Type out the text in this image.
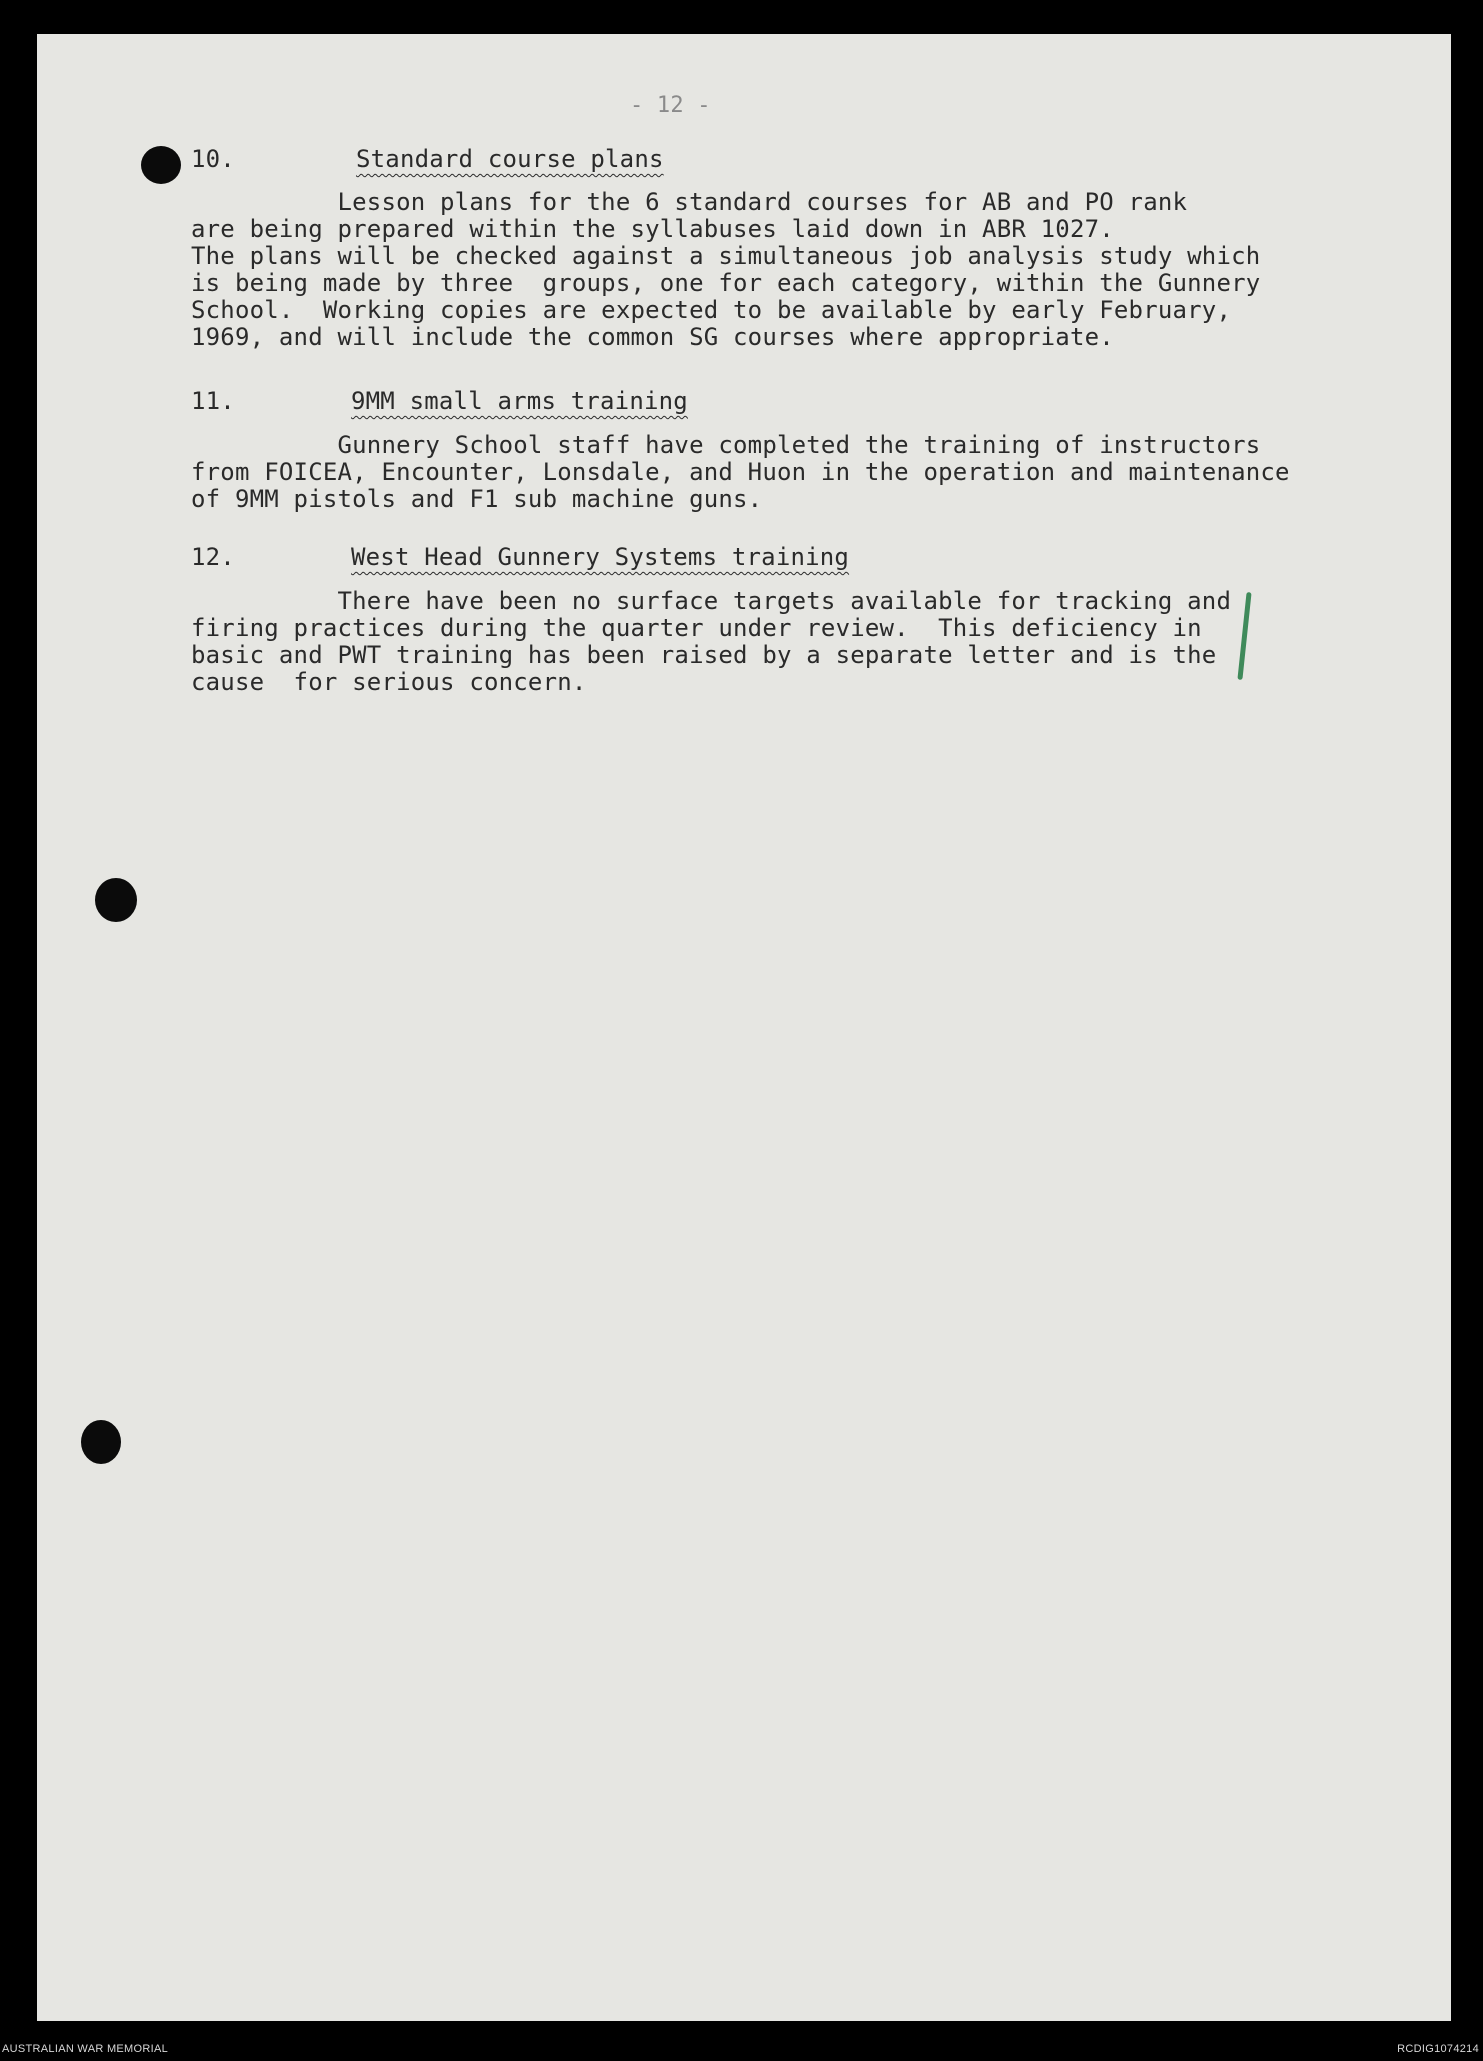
- 12 -
10.	Standard course plans
Lesson plans for the 6 standard courses for AB and PO rank
are being prepared within the syllabuses laid down in ABR 1027.
The plans will be checked against a simultaneous job analysis study which
is being made by three  groups, one for each category, within the Gunnery
School.  Working copies are expected to be available by early February,
1969, and will include the common SG courses where appropriate.
11.	9MM small arms training
Gunnery School staff have completed the training of instructors
from FOICEA, Encounter, Lonsdale, and Huon in the operation and maintenance
of 9MM pistols and F1 sub machine guns.
12.	West Head Gunnery Systems training
There have been no surface targets available for tracking and
firing practices during the quarter under review.  This deficiency in
basic and PWT training has been raised by a separate letter and is the
cause  for serious concern.
AUSTRALIAN WAR MEMORIAL	RCDIG1074214
